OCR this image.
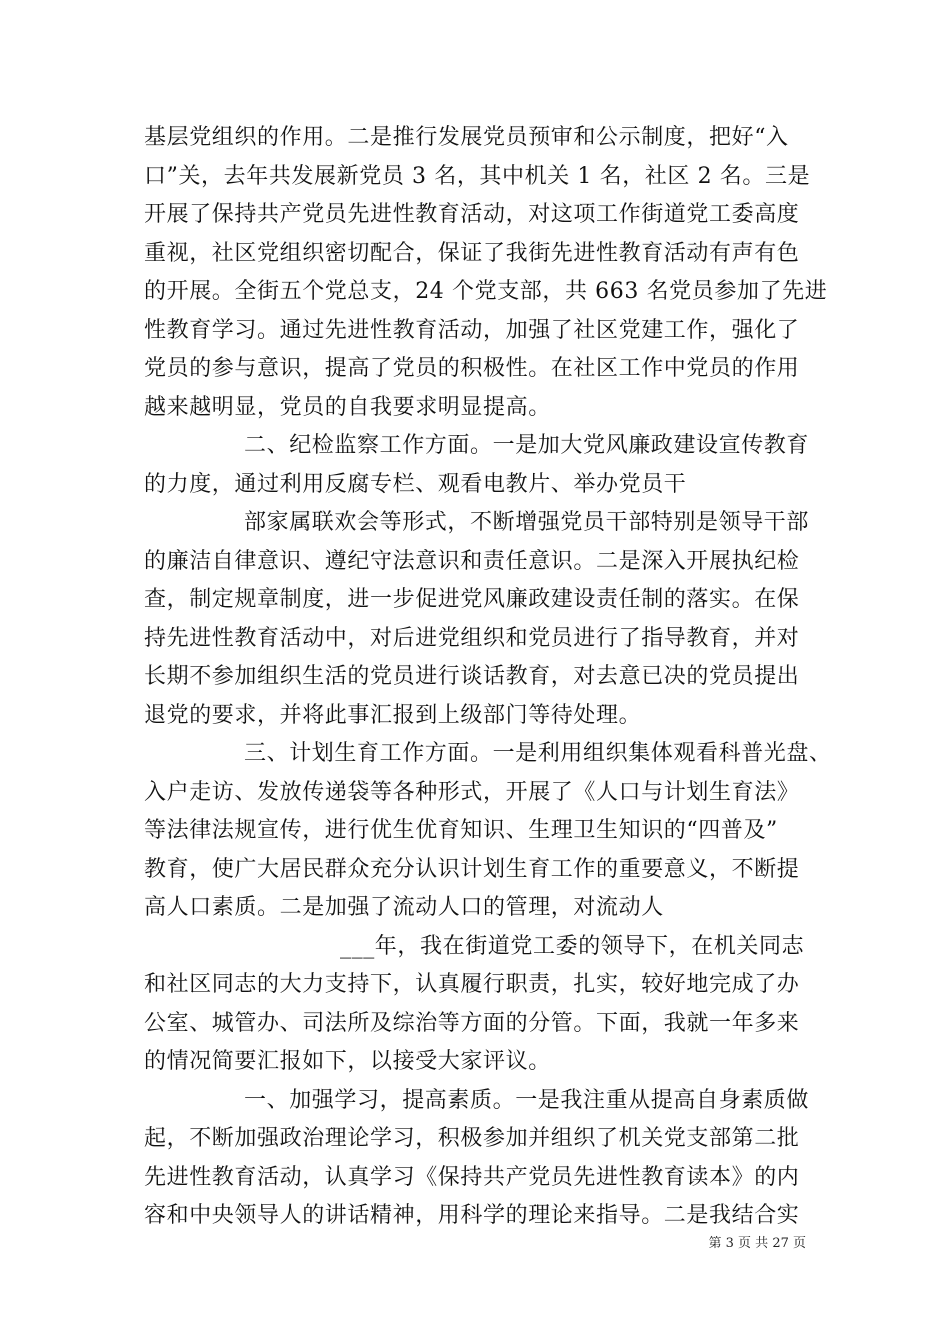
基层党组织的作用。二是推行发展党员预审和公示制度，把好“入
口”关，去年共发展新党员 3 名，其中机关 1 名，社区 2 名。三是
开展了保持共产党员先进性教育活动，对这项工作街道党工委高度
重视，社区党组织密切配合，保证了我街先进性教育活动有声有色
的开展。全街五个党总支，24 个党支部，共 663 名党员参加了先进
性教育学习。通过先进性教育活动，加强了社区党建工作，强化了
党员的参与意识，提高了党员的积极性。在社区工作中党员的作用
越来越明显，党员的自我要求明显提高。
二、纪检监察工作方面。一是加大党风廉政建设宣传教育
的力度，通过利用反腐专栏、观看电教片、举办党员干
部家属联欢会等形式，不断增强党员干部特别是领导干部
的廉洁自律意识、遵纪守法意识和责任意识。二是深入开展执纪检
查，制定规章制度，进一步促进党风廉政建设责任制的落实。在保
持先进性教育活动中，对后进党组织和党员进行了指导教育，并对
长期不参加组织生活的党员进行谈话教育，对去意已决的党员提出
退党的要求，并将此事汇报到上级部门等待处理。
三、计划生育工作方面。一是利用组织集体观看科普光盘、
入户走访、发放传递袋等各种形式，开展了《人口与计划生育法》
等法律法规宣传，进行优生优育知识、生理卫生知识的“四普及”
教育，使广大居民群众充分认识计划生育工作的重要意义，不断提
高人口素质。二是加强了流动人口的管理，对流动人
___年，我在街道党工委的领导下，在机关同志
和社区同志的大力支持下，认真履行职责，扎实，较好地完成了办
公室、城管办、司法所及综治等方面的分管。下面，我就一年多来
的情况简要汇报如下，以接受大家评议。
一、加强学习，提高素质。一是我注重从提高自身素质做
起，不断加强政治理论学习，积极参加并组织了机关党支部第二批
先进性教育活动，认真学习《保持共产党员先进性教育读本》的内
容和中央领导人的讲话精神，用科学的理论来指导。二是我结合实
第 3 页 共 27 页
